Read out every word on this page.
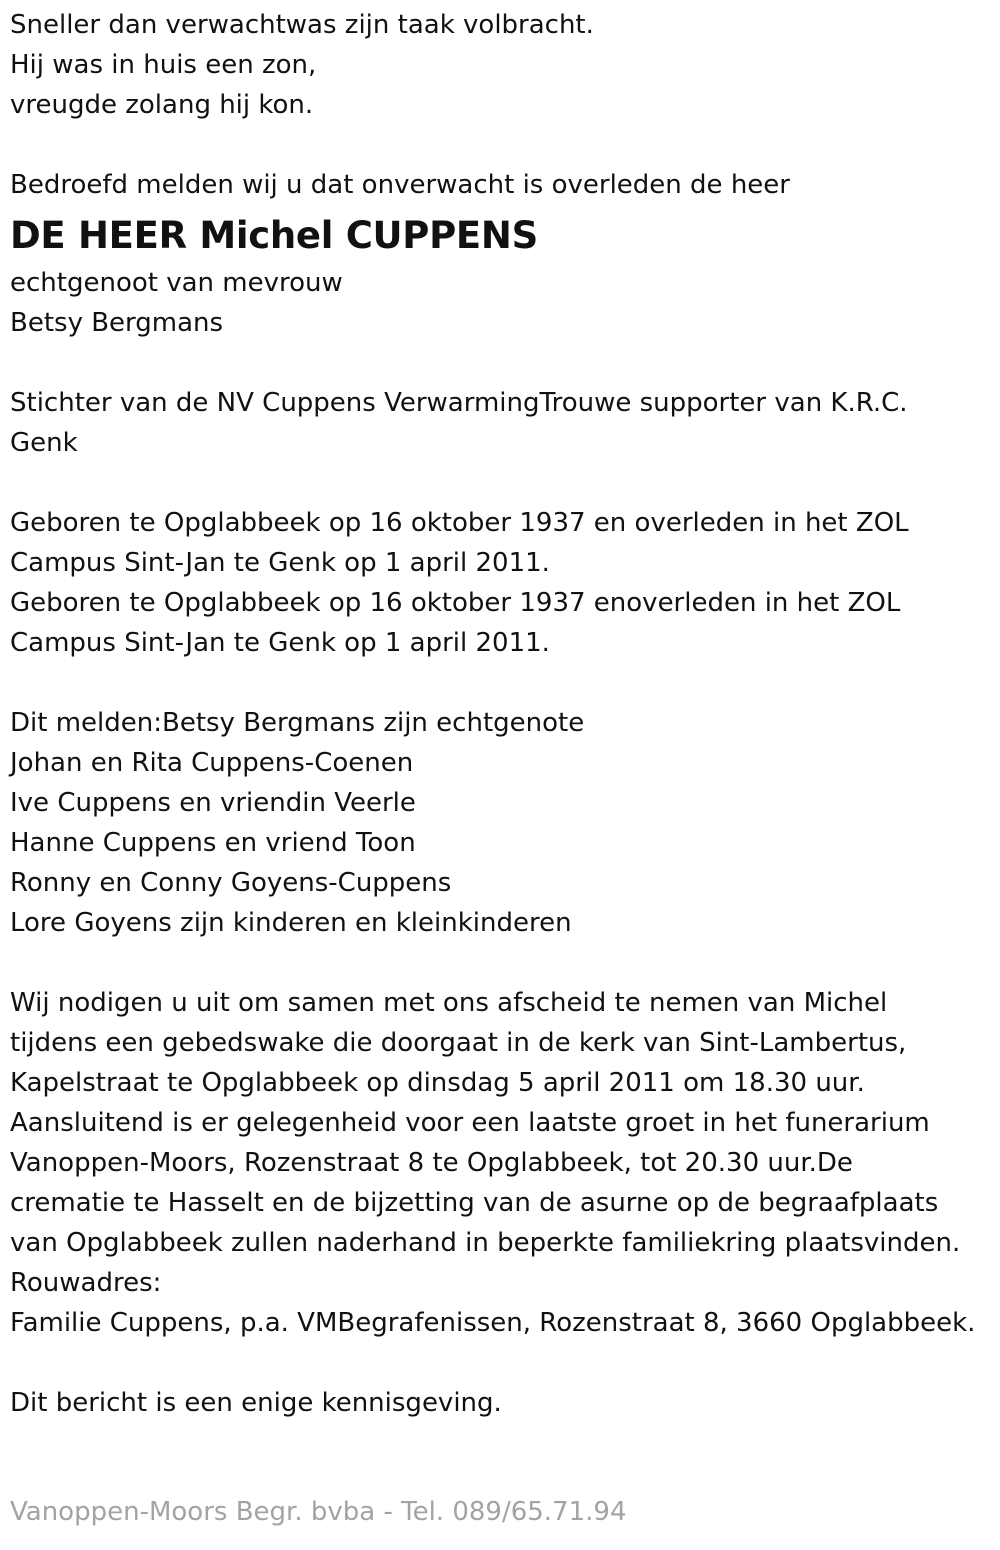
Sneller dan verwachtwas zijn taak volbracht.
Hij was in huis een zon,
vreugde zolang hij kon.
Bedroefd melden wij u dat onverwacht is overleden de heer
DE HEER Michel CUPPENS
echtgenoot van mevrouw
Betsy Bergmans
Stichter van de NV Cuppens VerwarmingTrouwe supporter van K.R.C.
Genk
Geboren te Opglabbeek op 16 oktober 1937 en overleden in het ZOL
Campus Sint-Jan te Genk op 1 april 2011.
Geboren te Opglabbeek op 16 oktober 1937 enoverleden in het ZOL
Campus Sint-Jan te Genk op 1 april 2011.
Dit melden:Betsy Bergmans zijn echtgenote
Johan en Rita Cuppens-Coenen
Ive Cuppens en vriendin Veerle
Hanne Cuppens en vriend Toon
Ronny en Conny Goyens-Cuppens
Lore Goyens zijn kinderen en kleinkinderen
Wij nodigen u uit om samen met ons afscheid te nemen van Michel
tijdens een gebedswake die doorgaat in de kerk van Sint-Lambertus,
Kapelstraat te Opglabbeek op dinsdag 5 april 2011 om 18.30 uur.
Aansluitend is er gelegenheid voor een laatste groet in het funerarium
Vanoppen-Moors, Rozenstraat 8 te Opglabbeek, tot 20.30 uur.De
crematie te Hasselt en de bijzetting van de asurne op de begraafplaats
van Opglabbeek zullen naderhand in beperkte familiekring plaatsvinden.
Rouwadres:
Familie Cuppens, p.a. VMBegrafenissen, Rozenstraat 8, 3660 Opglabbeek.
Dit bericht is een enige kennisgeving.
Vanoppen-Moors Begr. bvba - Tel. 089/65.71.94
